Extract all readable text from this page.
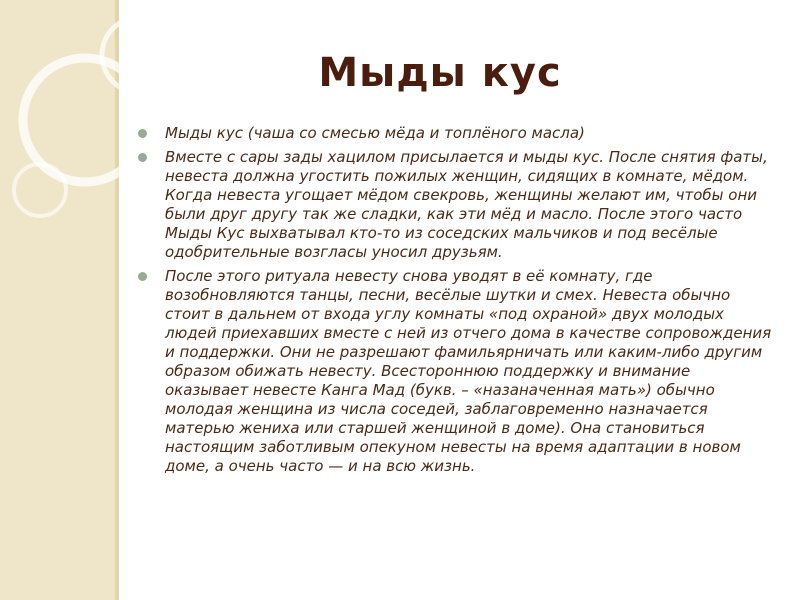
Мыды кус
Мыды кус (чаша со смесью мёда и топлёного масла)
Вместе с сары зады хацилом присылается и мыды кус. После снятия фаты, невеста должна угостить пожилых женщин, сидящих в комнате, мёдом. Когда невеста угощает мёдом свекровь, женщины желают им, чтобы они были друг другу так же сладки, как эти мёд и масло. После этого часто Мыды Кус выхватывал кто-то из соседских мальчиков и под весёлые одобрительные возгласы уносил друзьям.
После этого ритуала невесту снова уводят в её комнату, где возобновляются танцы, песни, весёлые шутки и смех. Невеста обычно стоит в дальнем от входа углу комнаты «под охраной» двух молодых людей приехавших вместе с ней из отчего дома в качестве сопровождения и поддержки. Они не разрешают фамильярничать или каким-либо другим образом обижать невесту. Всестороннюю поддержку и внимание оказывает невесте Канга Мад (букв. – «назаначенная мать») обычно молодая женщина из числа соседей, заблаговременно назначается матерью жениха или старшей женщиной в доме). Она становиться настоящим заботливым опекуном невесты на время адаптации в новом доме, а очень часто — и на всю жизнь.
